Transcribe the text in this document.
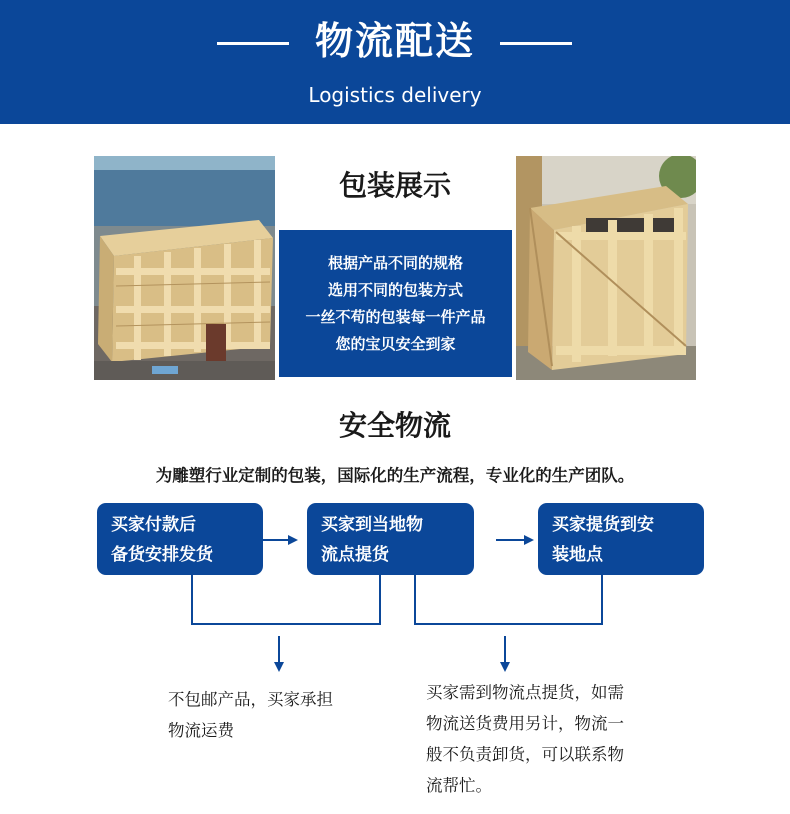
物流配送
Logistics delivery
包装展示
根据产品不同的规格
选用不同的包装方式
一丝不苟的包装每一件产品
您的宝贝安全到家
安全物流
为雕塑行业定制的包装，国际化的生产流程，专业化的生产团队。
买家付款后
备货安排发货
买家到当地物
流点提货
买家提货到安
装地点
不包邮产品，买家承担
物流运费
买家需到物流点提货，如需
物流送货费用另计，物流一
般不负责卸货，可以联系物
流帮忙。
